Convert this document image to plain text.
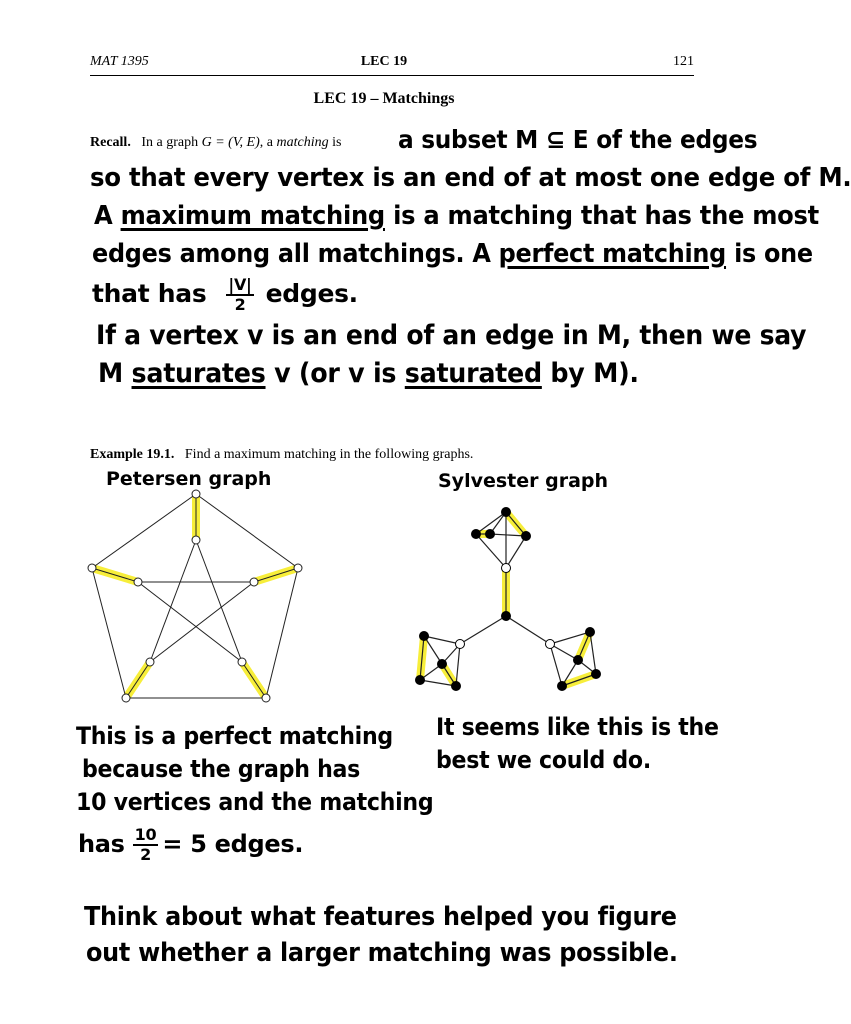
MAT 1395	LEC 19	121
LEC 19 – Matchings
Recall. In a graph G = (V, E), a matching is a subset M ⊆ E of the edges
so that every vertex is an end of at most one edge of M.
A maximum matching is a matching that has the most
edges among all matchings. A perfect matching is one
that has $\frac{|V|}{2}$ edges.
If a vertex v is an end of an edge in M, then we say
M saturates v (or v is saturated by M).
Example 19.1. Find a maximum matching in the following graphs.
Petersen graph	Sylvester graph
This is a perfect matching
because the graph has
10 vertices and the matching
has $\frac{10}{2} = 5$ edges.
It seems like this is the
best we could do.
Think about what features helped you figure
out whether a larger matching was possible.
